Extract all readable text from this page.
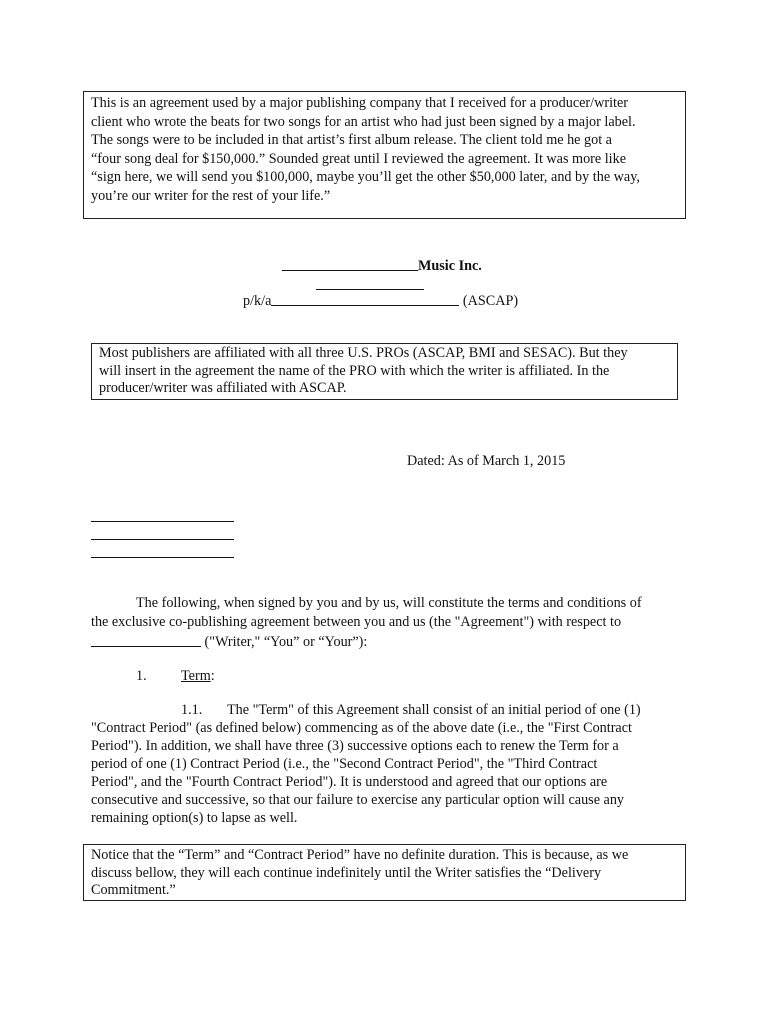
This is an agreement used by a major publishing company that I received for a producer/writer
client who wrote the beats for two songs for an artist who had just been signed by a major label.
The songs were to be included in that artist’s first album release. The client told me he got a
“four song deal for $150,000.” Sounded great until I reviewed the agreement. It was more like
“sign here, we will send you $100,000, maybe you’ll get the other $50,000 later, and by the way,
you’re our writer for the rest of your life.”
Music Inc.
p/k/a	(ASCAP)
Most publishers are affiliated with all three U.S. PROs (ASCAP, BMI and SESAC). But they
will insert in the agreement the name of the PRO with which the writer is affiliated. In the
producer/writer was affiliated with ASCAP.
Dated: As of March 1, 2015
The following, when signed by you and by us, will constitute the terms and conditions of
the exclusive co-publishing agreement between you and us (the "Agreement") with respect to
("Writer," “You” or “Your”):
1. Term:
1.1. The "Term" of this Agreement shall consist of an initial period of one (1)
"Contract Period" (as defined below) commencing as of the above date (i.e., the "First Contract
Period"). In addition, we shall have three (3) successive options each to renew the Term for a
period of one (1) Contract Period (i.e., the "Second Contract Period", the "Third Contract
Period", and the "Fourth Contract Period"). It is understood and agreed that our options are
consecutive and successive, so that our failure to exercise any particular option will cause any
remaining option(s) to lapse as well.
Notice that the “Term” and “Contract Period” have no definite duration. This is because, as we
discuss bellow, they will each continue indefinitely until the Writer satisfies the “Delivery
Commitment.”
